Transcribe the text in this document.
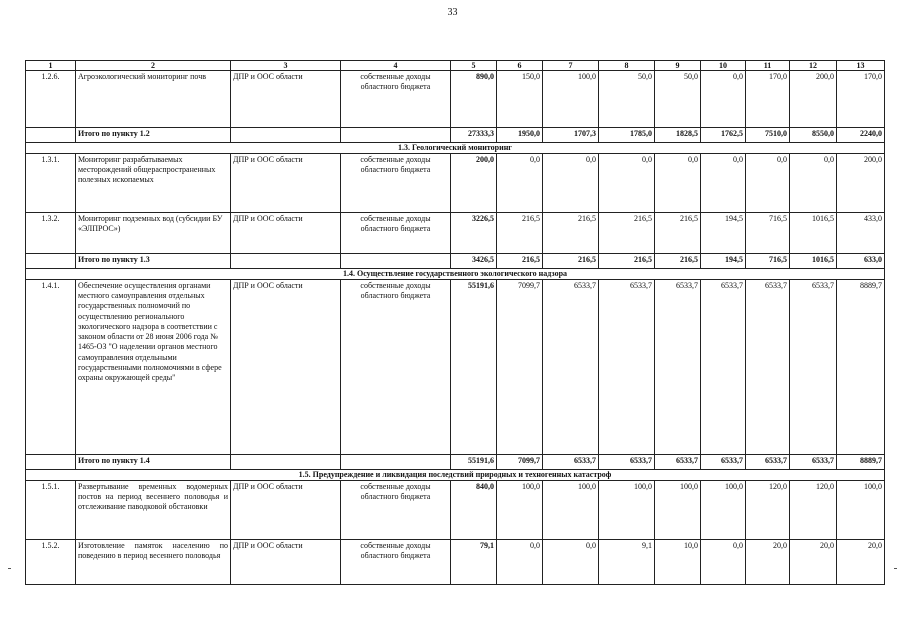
33
1	2	3	4	5	6	7	8	9	10	11	12	13
1.2.6.	Агроэкологический мониторинг почв	ДПР и ООС области	собственные доходы областного бюджета	890,0	150,0	100,0	50,0	50,0	0,0	170,0	200,0	170,0
	Итого по пункту 1.2			27333,3	1950,0	1707,3	1785,0	1828,5	1762,5	7510,0	8550,0	2240,0
1.3. Геологический мониторинг												
1.3.1.	Мониторинг разрабатываемых месторождений общераспространенных полезных ископаемых	ДПР и ООС области	собственные доходы областного бюджета	200,0	0,0	0,0	0,0	0,0	0,0	0,0	0,0	200,0
1.3.2.	Мониторинг подземных вод (субсидии БУ «ЭЛПРОС»)	ДПР и ООС области	собственные доходы областного бюджета	3226,5	216,5	216,5	216,5	216,5	194,5	716,5	1016,5	433,0
	Итого по пункту 1.3			3426,5	216,5	216,5	216,5	216,5	194,5	716,5	1016,5	633,0
1.4. Осуществление государственного экологического надзора												
1.4.1.	Обеспечение осуществления органами местного самоуправления отдельных государственных полномочий по осуществлению регионального экологического надзора в соответствии с законом области от 28 июня 2006 года № 1465-ОЗ "О наделении органов местного самоуправления отдельными государственными полномочиями в сфере охраны окружающей среды"	ДПР и ООС области	собственные доходы областного бюджета	55191,6	7099,7	6533,7	6533,7	6533,7	6533,7	6533,7	6533,7	8889,7
	Итого по пункту 1.4			55191,6	7099,7	6533,7	6533,7	6533,7	6533,7	6533,7	6533,7	8889,7
1.5. Предупреждение и ликвидация последствий природных и техногенных катастроф												
1.5.1.	Развертывание временных водомерных постов на период весеннего половодья и отслеживание паводковой обстановки	ДПР и ООС области	собственные доходы областного бюджета	840,0	100,0	100,0	100,0	100,0	100,0	120,0	120,0	100,0
1.5.2.	Изготовление памяток населению по поведению в период весеннего половодья	ДПР и ООС области	собственные доходы областного бюджета	79,1	0,0	0,0	9,1	10,0	0,0	20,0	20,0	20,0
